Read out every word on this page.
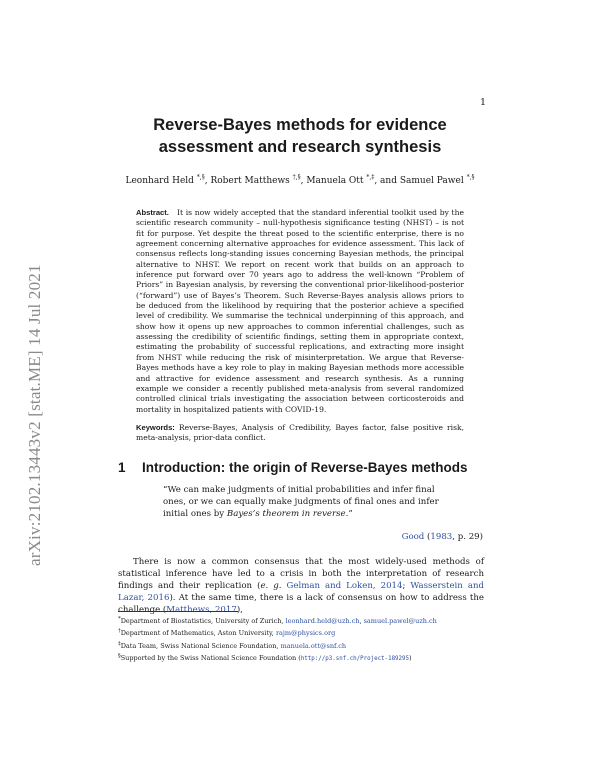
1
arXiv:2102.13443v2 [stat.ME] 14 Jul 2021
Reverse-Bayes methods for evidence
assessment and research synthesis
Leonhard Held *,§, Robert Matthews †,§, Manuela Ott *,‡, and Samuel Pawel *,§

Abstract. It is now widely accepted that the standard inferential toolkit used by the scientific research community – null-hypothesis significance testing (NHST) – is not fit for purpose. Yet despite the threat posed to the scientific enterprise, there is no agreement concerning alternative approaches for evidence assessment. This lack of consensus reflects long-standing issues concerning Bayesian methods, the principal alternative to NHST. We report on recent work that builds on an approach to inference put forward over 70 years ago to address the well-known “Problem of Priors” in Bayesian analysis, by reversing the conventional prior-likelihood-posterior (“forward”) use of Bayes’s Theorem. Such Reverse-Bayes analysis allows priors to be deduced from the likelihood by requiring that the posterior achieve a specified level of credibility. We summarise the technical underpinning of this approach, and show how it opens up new approaches to common inferential challenges, such as assessing the credibility of scientific findings, setting them in appropriate context, estimating the probability of successful replications, and extracting more insight from NHST while reducing the risk of misinterpretation. We argue that Reverse-Bayes methods have a key role to play in making Bayesian methods more accessible and attractive for evidence assessment and research synthesis. As a running example we consider a recently published meta-analysis from several randomized controlled clinical trials investigating the association between corticosteroids and mortality in hospitalized patients with COVID-19.

Keywords: Reverse-Bayes, Analysis of Credibility, Bayes factor, false positive risk, meta-analysis, prior-data conflict.

1 Introduction: the origin of Reverse-Bayes methods
“We can make judgments of initial probabilities and infer final ones, or we can equally make judgments of final ones and infer initial ones by Bayes’s theorem in reverse.”
Good (1983, p. 29)

There is now a common consensus that the most widely-used methods of statistical inference have led to a crisis in both the interpretation of research findings and their replication (e. g. Gelman and Loken, 2014; Wasserstein and Lazar, 2016). At the same time, there is a lack of consensus on how to address the challenge (Matthews, 2017),

*Department of Biostatistics, University of Zurich, leonhard.held@uzh.ch, samuel.pawel@uzh.ch
†Department of Mathematics, Aston University, rajm@physics.org
‡Data Team, Swiss National Science Foundation, manuela.ott@snf.ch
§Supported by the Swiss National Science Foundation (http://p3.snf.ch/Project-189295)
